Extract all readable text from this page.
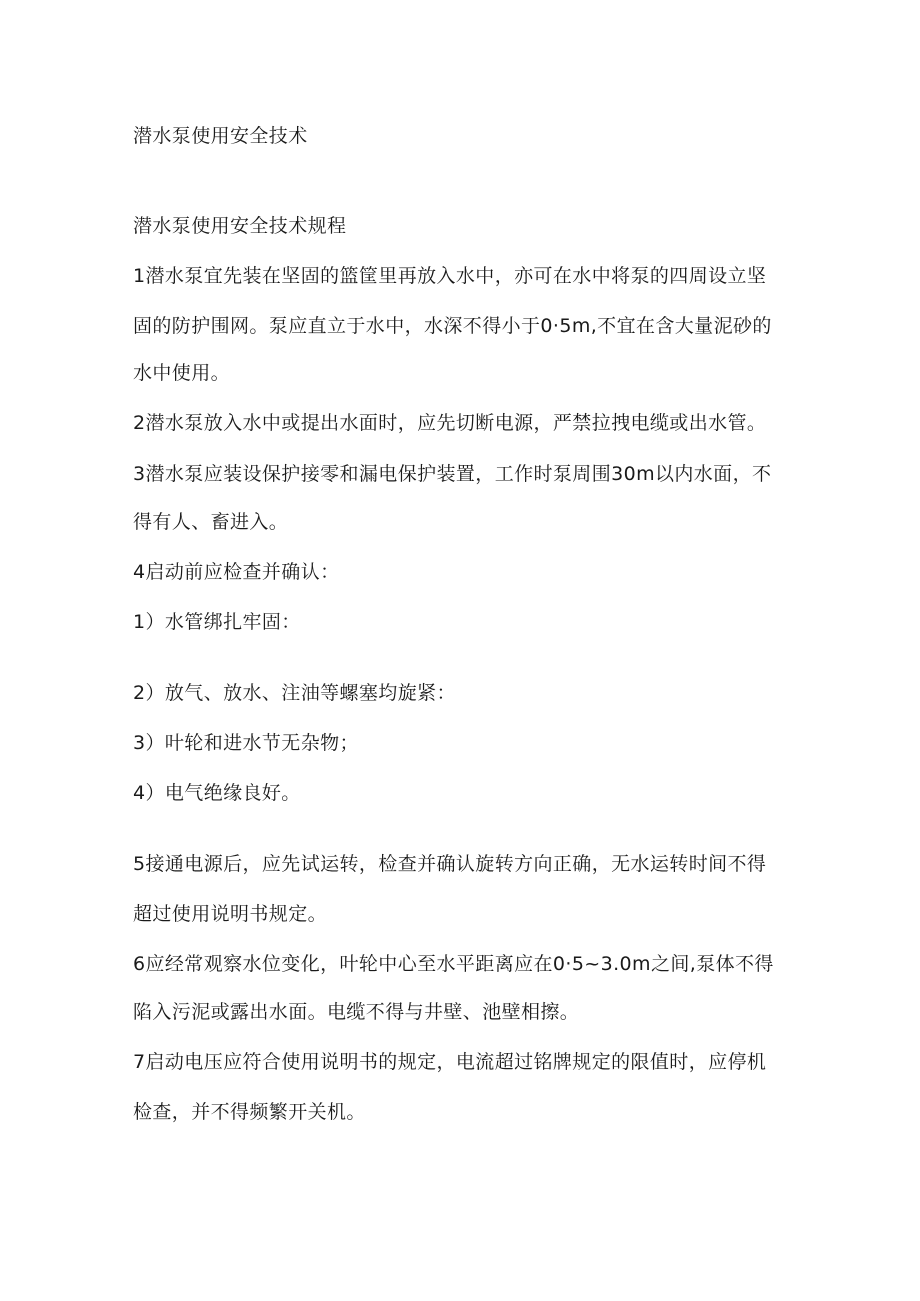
潜水泵使用安全技术
潜水泵使用安全技术规程
1潜水泵宜先装在坚固的篮筐里再放入水中，亦可在水中将泵的四周设立坚
固的防护围网。泵应直立于水中，水深不得小于0·5m,不宜在含大量泥砂的
水中使用。
2潜水泵放入水中或提出水面时，应先切断电源，严禁拉拽电缆或出水管。
3潜水泵应装设保护接零和漏电保护装置，工作时泵周围30m以内水面，不
得有人、畜进入。
4启动前应检查并确认：
1）水管绑扎牢固：
2）放气、放水、注油等螺塞均旋紧：
3）叶轮和进水节无杂物；
4）电气绝缘良好。
5接通电源后，应先试运转，检查并确认旋转方向正确，无水运转时间不得
超过使用说明书规定。
6应经常观察水位变化，叶轮中心至水平距离应在0·5~3.0m之间,泵体不得
陷入污泥或露出水面。电缆不得与井壁、池壁相擦。
7启动电压应符合使用说明书的规定，电流超过铭牌规定的限值时，应停机
检查，并不得频繁开关机。
